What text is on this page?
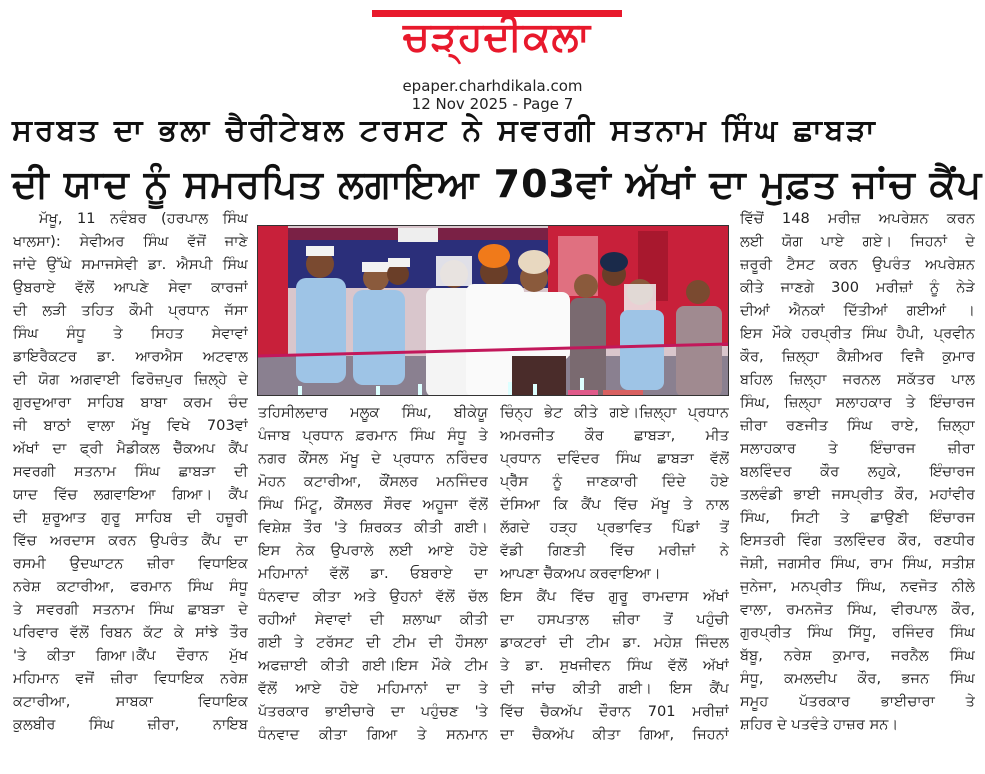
ਚੜ੍ਹਦੀਕਲਾ
epaper.charhdikala.com
12 Nov 2025 - Page 7
ਸਰਬਤ ਦਾ ਭਲਾ ਚੈਰੀਟੇਬਲ ਟਰਸਟ ਨੇ ਸਵਰਗੀ ਸਤਨਾਮ ਸਿੰਘ ਛਾਬੜਾ
ਦੀ ਯਾਦ ਨੂੰ ਸਮਰਪਿਤ ਲਗਾਇਆ 703ਵਾਂ ਅੱਖਾਂ ਦਾ ਮੁਫ਼ਤ ਜਾਂਚ ਕੈਂਪ
ਮੱਖੂ, 11 ਨਵੰਬਰ (ਹਰਪਾਲ ਸਿੰਘ
ਖਾਲਸਾ): ਸੇਵੀਅਰ ਸਿੰਘ ਵੱਜੋਂ ਜਾਣੇ
ਜਾਂਦੇ ਉੱਘੇ ਸਮਾਜਸੇਵੀ ਡਾ. ਐਸਪੀ ਸਿੰਘ
ਉਬਰਾਏ ਵੱਲੋਂ ਆਪਣੇ ਸੇਵਾ ਕਾਰਜਾਂ
ਦੀ ਲੜੀ ਤਹਿਤ ਕੌਮੀ ਪ੍ਰਧਾਨ ਜੱਸਾ
ਸਿੰਘ ਸੰਧੂ ਤੇ ਸਿਹਤ ਸੇਵਾਵਾਂ
ਡਾਇਰੈਕਟਰ ਡਾ. ਆਰਐਸ ਅਟਵਾਲ
ਦੀ ਯੋਗ ਅਗਵਾਈ ਫਿਰੋਜ਼ਪੁਰ ਜ਼ਿਲ੍ਹੇ ਦੇ
ਗੁਰਦੁਆਰਾ ਸਾਹਿਬ ਬਾਬਾ ਕਰਮ ਚੰਦ
ਜੀ ਬਾਠਾਂ ਵਾਲਾ ਮੱਖੂ ਵਿਖੇ 703ਵਾਂ
ਅੱਖਾਂ ਦਾ ਫ੍ਰੀ ਮੈਡੀਕਲ ਚੈੱਕਅਪ ਕੈਂਪ
ਸਵਰਗੀ ਸਤਨਾਮ ਸਿੰਘ ਛਾਬੜਾ ਦੀ
ਯਾਦ ਵਿੱਚ ਲਗਵਾਇਆ ਗਿਆ। ਕੈਂਪ
ਦੀ ਸ਼ੁਰੂਆਤ ਗੁਰੂ ਸਾਹਿਬ ਦੀ ਹਜ਼ੂਰੀ
ਵਿੱਚ ਅਰਦਾਸ ਕਰਨ ਉਪਰੰਤ ਕੈਂਪ ਦਾ
ਰਸਮੀ ਉਦਘਾਟਨ ਜ਼ੀਰਾ ਵਿਧਾਇਕ
ਨਰੇਸ਼ ਕਟਾਰੀਆ, ਫਰਮਾਨ ਸਿੰਘ ਸੰਧੂ
ਤੇ ਸਵਰਗੀ ਸਤਨਾਮ ਸਿੰਘ ਛਾਬੜਾ ਦੇ
ਪਰਿਵਾਰ ਵੱਲੋਂ ਰਿਬਨ ਕੱਟ ਕੇ ਸਾਂਝੇ ਤੌਰ
'ਤੇ ਕੀਤਾ ਗਿਆ।ਕੈਂਪ ਦੌਰਾਨ ਮੁੱਖ
ਮਹਿਮਾਨ ਵਜੋਂ ਜ਼ੀਰਾ ਵਿਧਾਇਕ ਨਰੇਸ਼
ਕਟਾਰੀਆ, ਸਾਬਕਾ ਵਿਧਾਇਕ
ਕੁਲਬੀਰ ਸਿੰਘ ਜ਼ੀਰਾ, ਨਾਇਬ
ਤਹਿਸੀਲਦਾਰ ਮਲੂਕ ਸਿੰਘ, ਬੀਕੇਯੂ
ਪੰਜਾਬ ਪ੍ਰਧਾਨ ਫ਼ਰਮਾਨ ਸਿੰਘ ਸੰਧੂ ਤੇ
ਨਗਰ ਕੌਂਸਲ ਮੱਖੂ ਦੇ ਪ੍ਰਧਾਨ ਨਰਿੰਦਰ
ਮੋਹਨ ਕਟਾਰੀਆ, ਕੌਂਸਲਰ ਮਨਜਿੰਦਰ
ਸਿੰਘ ਮਿੰਟੂ, ਕੌਂਸਲਰ ਸੌਰਵ ਅਹੂਜਾ ਵੱਲੋਂ
ਵਿਸ਼ੇਸ਼ ਤੌਰ 'ਤੇ ਸ਼ਿਰਕਤ ਕੀਤੀ ਗਈ।
ਇਸ ਨੇਕ ਉਪਰਾਲੇ ਲਈ ਆਏ ਹੋਏ
ਮਹਿਮਾਨਾਂ ਵੱਲੋਂ ਡਾ. ਓਬਰਾਏ ਦਾ
ਧੰਨਵਾਦ ਕੀਤਾ ਅਤੇ ਉਹਨਾਂ ਵੱਲੋਂ ਚੱਲ
ਰਹੀਆਂ ਸੇਵਾਵਾਂ ਦੀ ਸ਼ਲਾਘਾ ਕੀਤੀ
ਗਈ ਤੇ ਟਰੱਸਟ ਦੀ ਟੀਮ ਦੀ ਹੌਸਲਾ
ਅਫਜ਼ਾਈ ਕੀਤੀ ਗਈ।ਇਸ ਮੌਕੇ ਟੀਮ
ਵੱਲੋਂ ਆਏ ਹੋਏ ਮਹਿਮਾਨਾਂ ਦਾ ਤੇ
ਪੱਤਰਕਾਰ ਭਾਈਚਾਰੇ ਦਾ ਪਹੁੰਚਣ 'ਤੇ
ਧੰਨਵਾਦ ਕੀਤਾ ਗਿਆ ਤੇ ਸਨਮਾਨ
ਚਿੰਨ੍ਹ ਭੇਟ ਕੀਤੇ ਗਏ।ਜ਼ਿਲ੍ਹਾ ਪ੍ਰਧਾਨ
ਅਮਰਜੀਤ ਕੌਰ ਛਾਬੜਾ, ਮੀਤ
ਪ੍ਰਧਾਨ ਦਵਿੰਦਰ ਸਿੰਘ ਛਾਬੜਾ ਵੱਲੋਂ
ਪ੍ਰੈੱਸ ਨੂੰ ਜਾਣਕਾਰੀ ਦਿੰਦੇ ਹੋਏ
ਦੱਸਿਆ ਕਿ ਕੈਂਪ ਵਿੱਚ ਮੱਖੂ ਤੇ ਨਾਲ
ਲੱਗਦੇ ਹੜ੍ਹ ਪ੍ਰਭਾਵਿਤ ਪਿੰਡਾਂ ਤੋਂ
ਵੱਡੀ ਗਿਣਤੀ ਵਿੱਚ ਮਰੀਜ਼ਾਂ ਨੇ
ਆਪਣਾ ਚੈੱਕਅਪ ਕਰਵਾਇਆ।
ਇਸ ਕੈਂਪ ਵਿੱਚ ਗੁਰੂ ਰਾਮਦਾਸ ਅੱਖਾਂ
ਦਾ ਹਸਪਤਾਲ ਜ਼ੀਰਾ ਤੋਂ ਪਹੁੰਚੀ
ਡਾਕਟਰਾਂ ਦੀ ਟੀਮ ਡਾ. ਮਹੇਸ਼ ਜਿੰਦਲ
ਤੇ ਡਾ. ਸੁਖਜੀਵਨ ਸਿੰਘ ਵੱਲੋਂ ਅੱਖਾਂ
ਦੀ ਜਾਂਚ ਕੀਤੀ ਗਈ। ਇਸ ਕੈਂਪ
ਵਿੱਚ ਚੈਕਅੱਪ ਦੌਰਾਨ 701 ਮਰੀਜ਼ਾਂ
ਦਾ ਚੈਕਅੱਪ ਕੀਤਾ ਗਿਆ, ਜਿਹਨਾਂ
ਵਿੱਚੋਂ 148 ਮਰੀਜ਼ ਅਪਰੇਸ਼ਨ ਕਰਨ
ਲਈ ਯੋਗ ਪਾਏ ਗਏ। ਜਿਹਨਾਂ ਦੇ
ਜ਼ਰੂਰੀ ਟੈਸਟ ਕਰਨ ਉਪਰੰਤ ਅਪਰੇਸ਼ਨ
ਕੀਤੇ ਜਾਣਗੇ 300 ਮਰੀਜ਼ਾਂ ਨੂੰ ਨੇੜੇ
ਦੀਆਂ ਐਨਕਾਂ ਦਿੱਤੀਆਂ ਗਈਆਂ ।
ਇਸ ਮੌਕੇ ਹਰਪ੍ਰੀਤ ਸਿੰਘ ਹੈਪੀ, ਪ੍ਰਵੀਨ
ਕੌਰ, ਜ਼ਿਲ੍ਹਾ ਕੈਸ਼ੀਅਰ ਵਿਜੈ ਕੁਮਾਰ
ਬਹਿਲ ਜ਼ਿਲ੍ਹਾ ਜਰਨਲ ਸਕੱਤਰ ਪਾਲ
ਸਿੰਘ, ਜ਼ਿਲ੍ਹਾ ਸਲਾਹਕਾਰ ਤੇ ਇੰਚਾਰਜ
ਜ਼ੀਰਾ ਰਣਜੀਤ ਸਿੰਘ ਰਾਏ, ਜ਼ਿਲ੍ਹਾ
ਸਲਾਹਕਾਰ ਤੇ ਇੰਚਾਰਜ ਜ਼ੀਰਾ
ਬਲਵਿੰਦਰ ਕੌਰ ਲਹੁਕੇ, ਇੰਚਾਰਜ
ਤਲਵੰਡੀ ਭਾਈ ਜਸਪ੍ਰੀਤ ਕੌਰ, ਮਹਾਂਵੀਰ
ਸਿੰਘ, ਸਿਟੀ ਤੇ ਛਾਉਣੀ ਇੰਚਾਰਜ
ਇਸਤਰੀ ਵਿੰਗ ਤਲਵਿੰਦਰ ਕੌਰ, ਰਣਧੀਰ
ਜੋਸ਼ੀ, ਜਗਸੀਰ ਸਿੰਘ, ਰਾਮ ਸਿੰਘ, ਸਤੀਸ਼
ਜੁਨੇਜਾ, ਮਨਪ੍ਰੀਤ ਸਿੰਘ, ਨਵਜੋਤ ਨੀਲੇ
ਵਾਲਾ, ਰਮਨਜੋਤ ਸਿੰਘ, ਵੀਰਪਾਲ ਕੌਰ,
ਗੁਰਪ੍ਰੀਤ ਸਿੰਘ ਸਿੱਧੂ, ਰਜਿੰਦਰ ਸਿੰਘ
ਬੱਬੂ, ਨਰੇਸ਼ ਕੁਮਾਰ, ਜਰਨੈਲ ਸਿੰਘ
ਸੰਧੂ, ਕਮਲਦੀਪ ਕੌਰ, ਭਜਨ ਸਿੰਘ
ਸਮੂਹ ਪੱਤਰਕਾਰ ਭਾਈਚਾਰਾ ਤੇ
ਸ਼ਹਿਰ ਦੇ ਪਤਵੰਤੇ ਹਾਜ਼ਰ ਸਨ।
